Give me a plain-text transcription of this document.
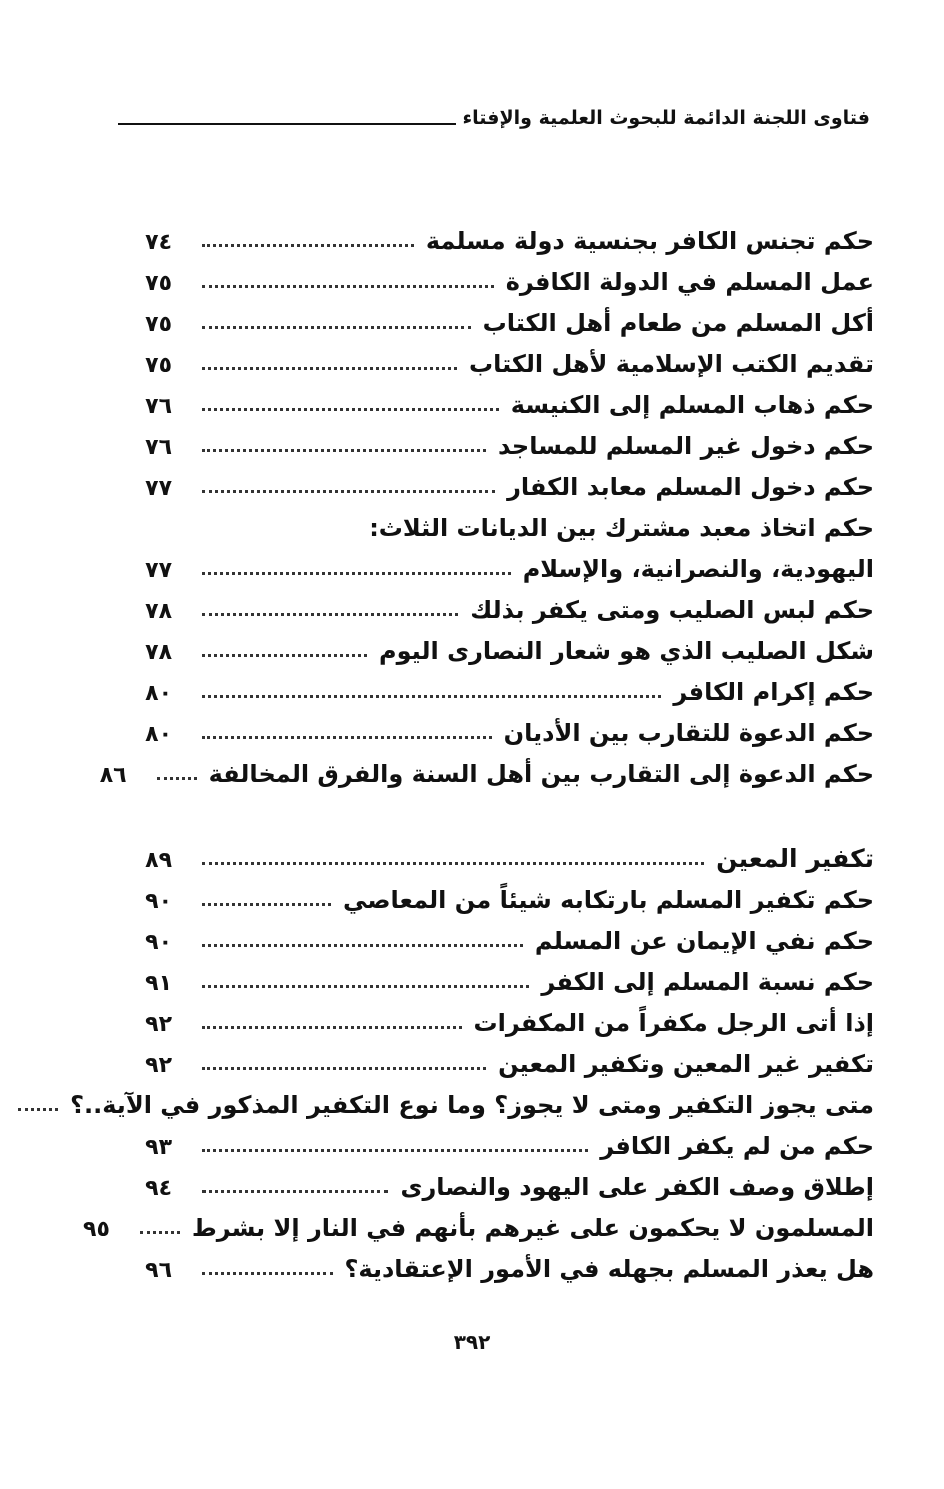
فتاوى اللجنة الدائمة للبحوث العلمية والإفتاء
حكم تجنس الكافر بجنسية دولة مسلمة
٧٤
عمل المسلم في الدولة الكافرة
٧٥
أكل المسلم من طعام أهل الكتاب
٧٥
تقديم الكتب الإسلامية لأهل الكتاب
٧٥
حكم ذهاب المسلم إلى الكنيسة
٧٦
حكم دخول غير المسلم للمساجد
٧٦
حكم دخول المسلم معابد الكفار
٧٧
حكم اتخاذ معبد مشترك بين الديانات الثلاث:
اليهودية، والنصرانية، والإسلام
٧٧
حكم لبس الصليب ومتى يكفر بذلك
٧٨
شكل الصليب الذي هو شعار النصارى اليوم
٧٨
حكم إكرام الكافر
٨٠
حكم الدعوة للتقارب بين الأديان
٨٠
حكم الدعوة إلى التقارب بين أهل السنة والفرق المخالفة
٨٦
تكفير المعين
٨٩
حكم تكفير المسلم بارتكابه شيئاً من المعاصي
٩٠
حكم نفي الإيمان عن المسلم
٩٠
حكم نسبة المسلم إلى الكفر
٩١
إذا أتى الرجل مكفراً من المكفرات
٩٢
تكفير غير المعين وتكفير المعين
٩٢
متى يجوز التكفير ومتى لا يجوز؟ وما نوع التكفير المذكور في الآية..؟
حكم من لم يكفر الكافر
٩٣
إطلاق وصف الكفر على اليهود والنصارى
٩٤
المسلمون لا يحكمون على غيرهم بأنهم في النار إلا بشرط
٩٥
هل يعذر المسلم بجهله في الأمور الإعتقادية؟
٩٦
٣٩٢
